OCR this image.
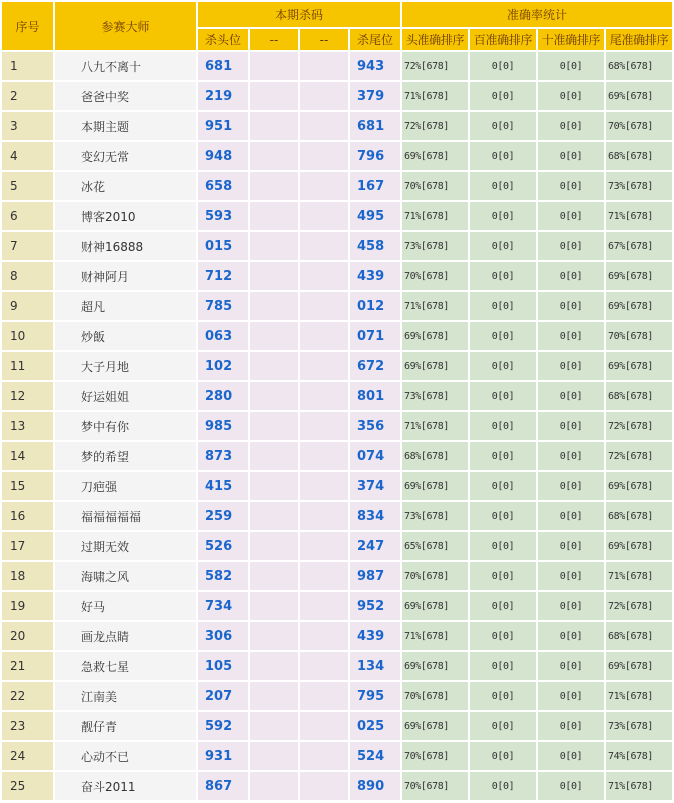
序号	参赛大师	本期杀码				准确率统计			
		杀头位	--	--	杀尾位	头准确排序	百准确排序	十准确排序	尾准确排序
1	八九不离十	681			943	72%[678]	0[0]	0[0]	68%[678]
2	爸爸中奖	219			379	71%[678]	0[0]	0[0]	69%[678]
3	本期主题	951			681	72%[678]	0[0]	0[0]	70%[678]
4	变幻无常	948			796	69%[678]	0[0]	0[0]	68%[678]
5	冰花	658			167	70%[678]	0[0]	0[0]	73%[678]
6	博客2010	593			495	71%[678]	0[0]	0[0]	71%[678]
7	财神16888	015			458	73%[678]	0[0]	0[0]	67%[678]
8	财神阿月	712			439	70%[678]	0[0]	0[0]	69%[678]
9	超凡	785			012	71%[678]	0[0]	0[0]	69%[678]
10	炒飯	063			071	69%[678]	0[0]	0[0]	70%[678]
11	大子月地	102			672	69%[678]	0[0]	0[0]	69%[678]
12	好运姐姐	280			801	73%[678]	0[0]	0[0]	68%[678]
13	梦中有你	985			356	71%[678]	0[0]	0[0]	72%[678]
14	梦的希望	873			074	68%[678]	0[0]	0[0]	72%[678]
15	刀疤强	415			374	69%[678]	0[0]	0[0]	69%[678]
16	福福福福福	259			834	73%[678]	0[0]	0[0]	68%[678]
17	过期无效	526			247	65%[678]	0[0]	0[0]	69%[678]
18	海啸之风	582			987	70%[678]	0[0]	0[0]	71%[678]
19	好马	734			952	69%[678]	0[0]	0[0]	72%[678]
20	画龙点睛	306			439	71%[678]	0[0]	0[0]	68%[678]
21	急救七星	105			134	69%[678]	0[0]	0[0]	69%[678]
22	江南美	207			795	70%[678]	0[0]	0[0]	71%[678]
23	靓仔青	592			025	69%[678]	0[0]	0[0]	73%[678]
24	心动不已	931			524	70%[678]	0[0]	0[0]	74%[678]
25	奋斗2011	867			890	70%[678]	0[0]	0[0]	71%[678]
